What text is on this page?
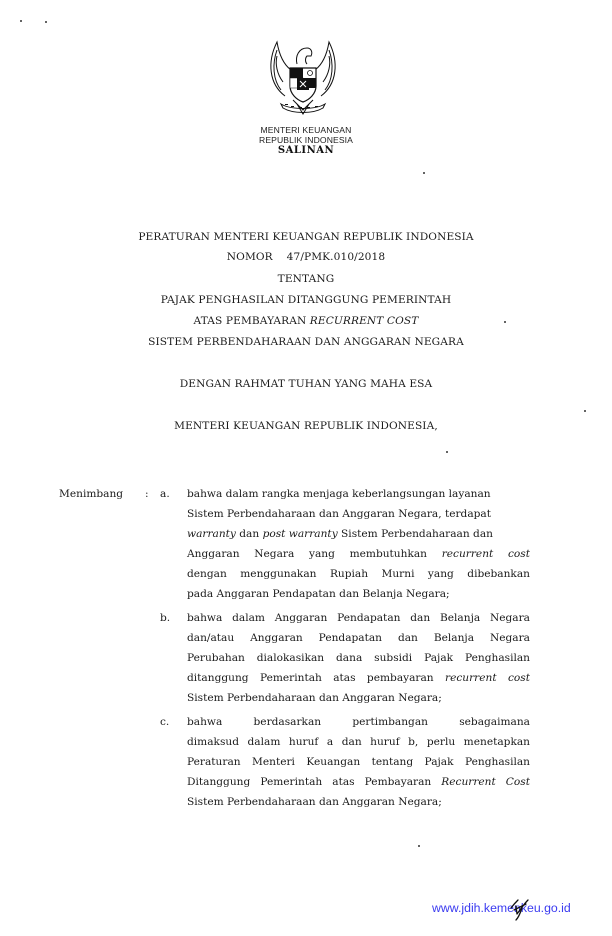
MENTERI KEUANGAN
REPUBLIK INDONESIA
SALINAN
PERATURAN MENTERI KEUANGAN REPUBLIK INDONESIA
NOMOR 47/PMK.010/2018
TENTANG
PAJAK PENGHASILAN DITANGGUNG PEMERINTAH
ATAS PEMBAYARAN RECURRENT COST
SISTEM PERBENDAHARAAN DAN ANGGARAN NEGARA
DENGAN RAHMAT TUHAN YANG MAHA ESA
MENTERI KEUANGAN REPUBLIK INDONESIA,
Menimbang : a. bahwa dalam rangka menjaga keberlangsungan layanan
Sistem Perbendaharaan dan Anggaran Negara, terdapat
warranty dan post warranty Sistem Perbendaharaan dan
Anggaran Negara yang membutuhkan recurrent cost
dengan menggunakan Rupiah Murni yang dibebankan
pada Anggaran Pendapatan dan Belanja Negara;
b. bahwa dalam Anggaran Pendapatan dan Belanja Negara
dan/atau Anggaran Pendapatan dan Belanja Negara
Perubahan dialokasikan dana subsidi Pajak Penghasilan
ditanggung Pemerintah atas pembayaran recurrent cost
Sistem Perbendaharaan dan Anggaran Negara;
c. bahwa berdasarkan pertimbangan sebagaimana
dimaksud dalam huruf a dan huruf b, perlu menetapkan
Peraturan Menteri Keuangan tentang Pajak Penghasilan
Ditanggung Pemerintah atas Pembayaran Recurrent Cost
Sistem Perbendaharaan dan Anggaran Negara;
www.jdih.kemenkeu.go.id
